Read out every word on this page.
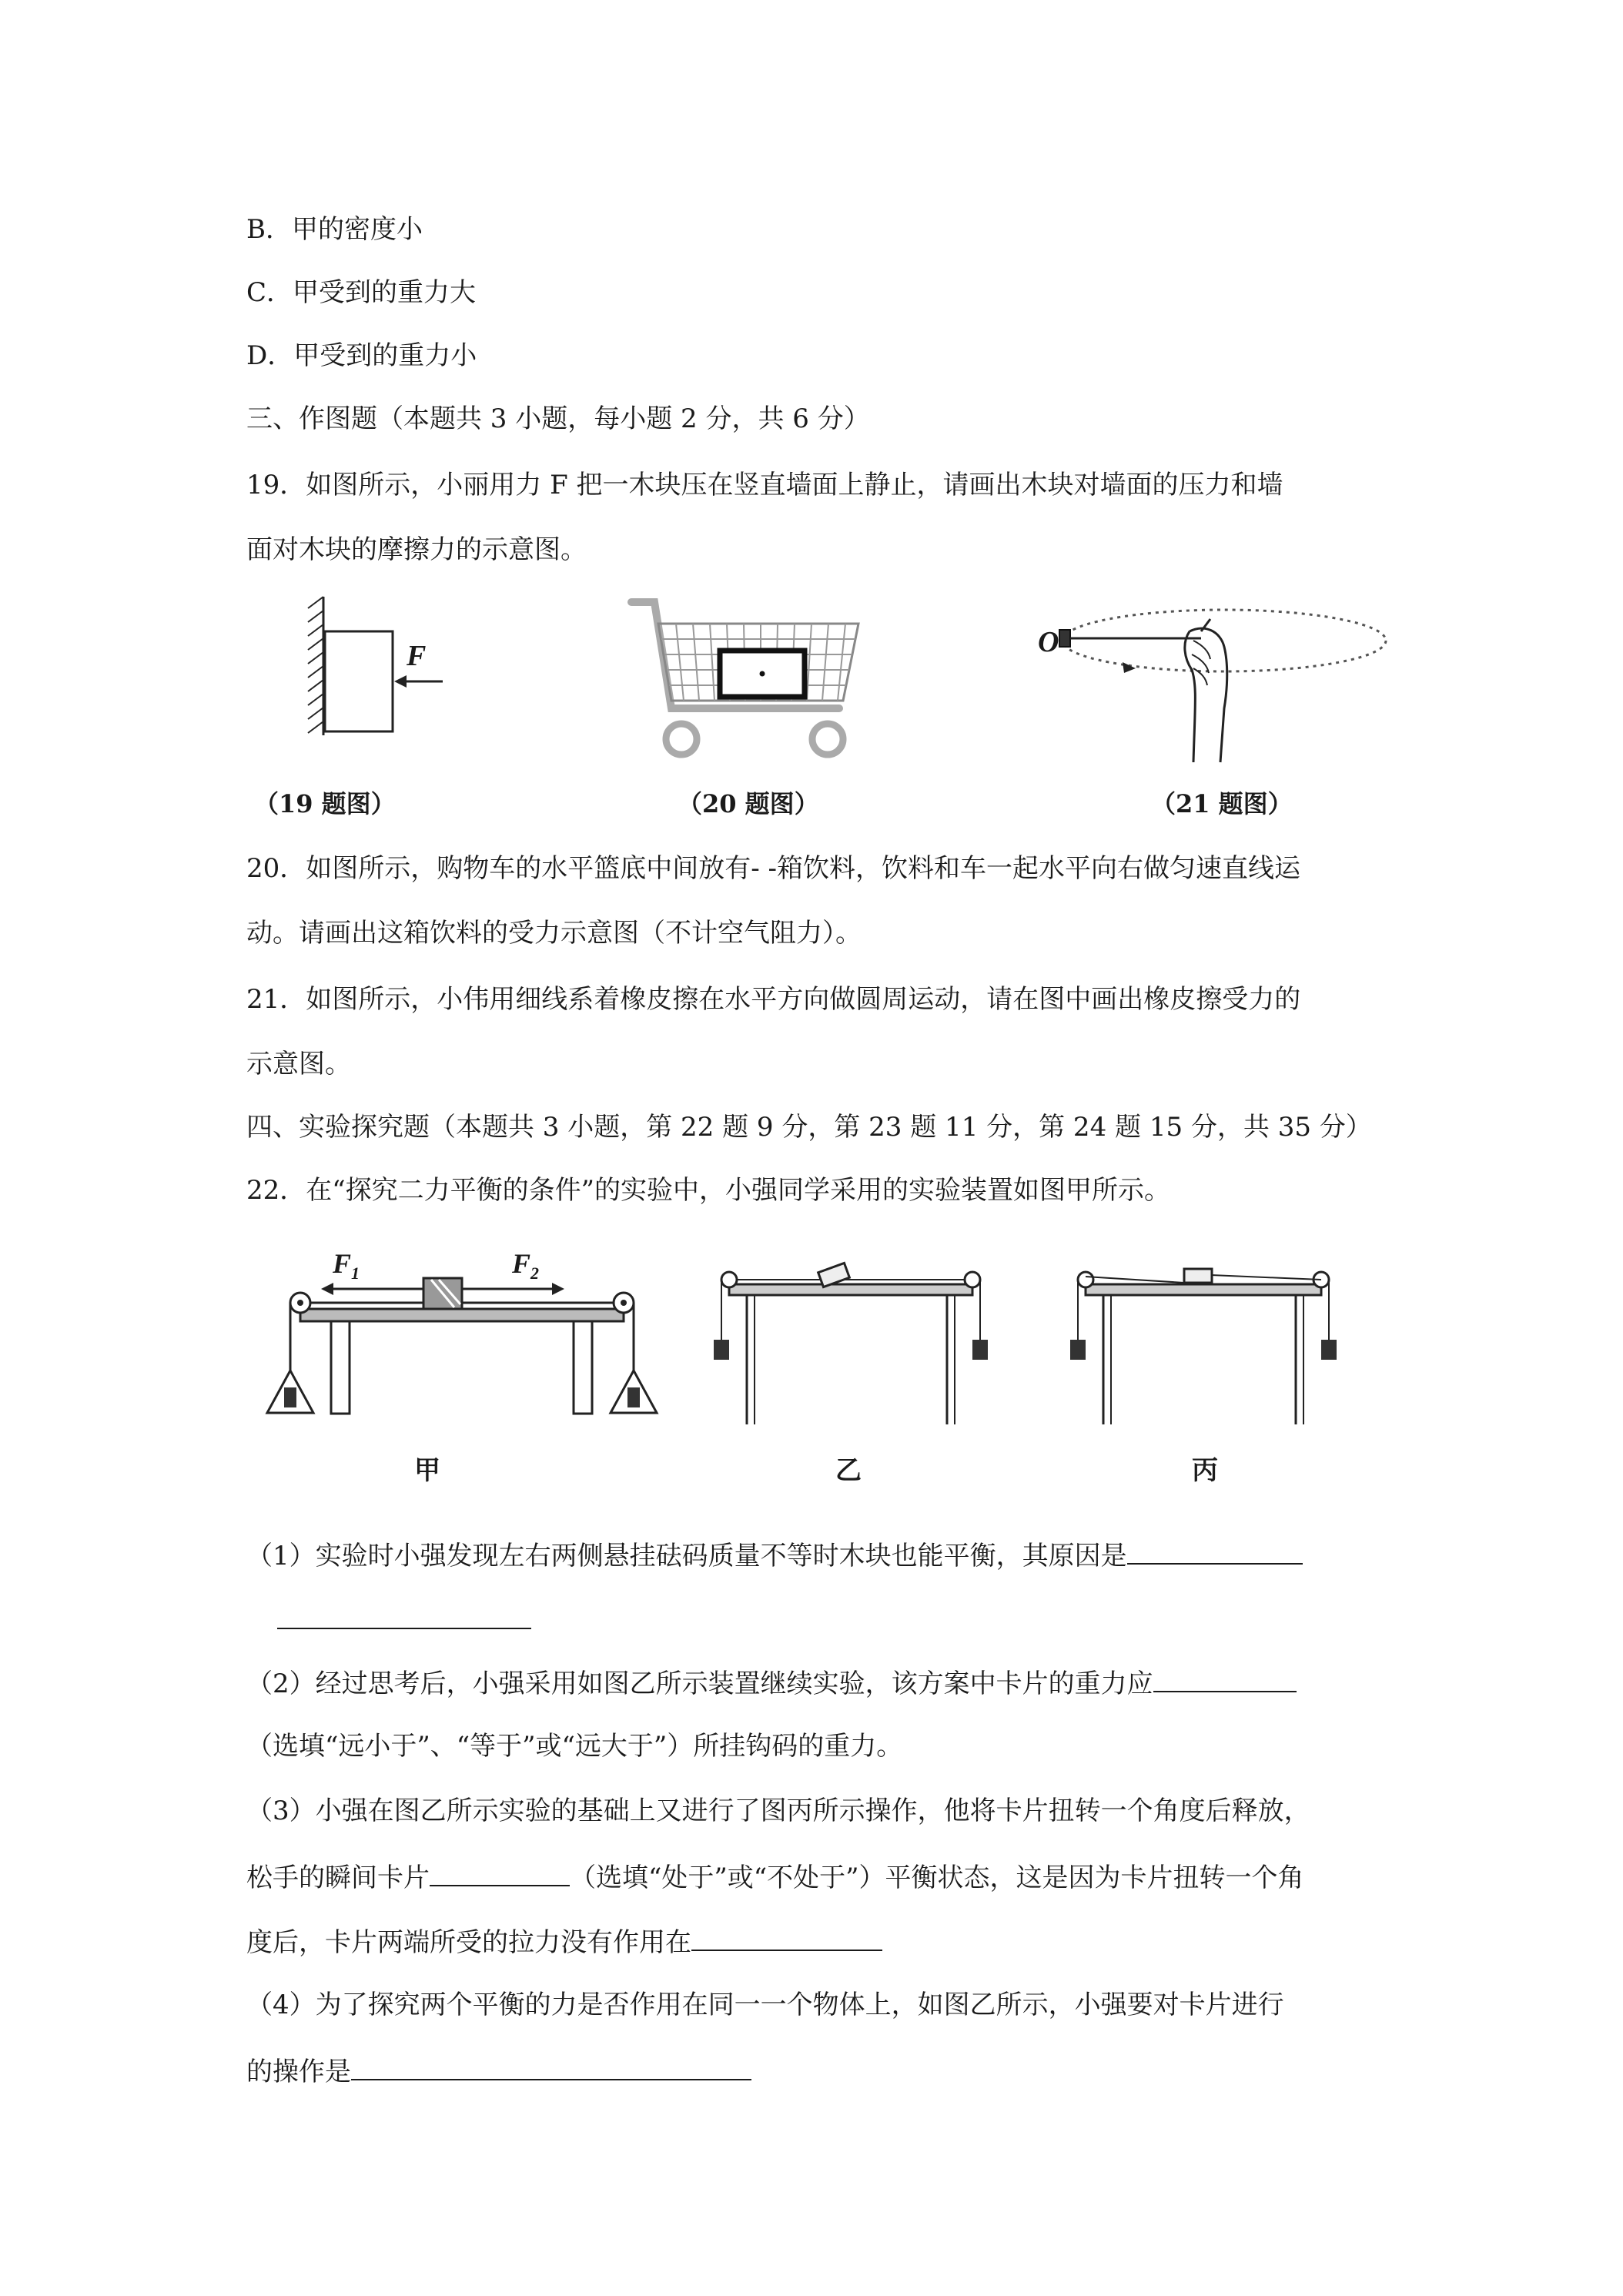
B．甲的密度小
C．甲受到的重力大
D．甲受到的重力小
三、作图题（本题共 3 小题，每小题 2 分，共 6 分）
19．如图所示，小丽用力 F 把一木块压在竖直墙面上静止，请画出木块对墙面的压力和墙
面对木块的摩擦力的示意图。
F	O
（19 题图）	（20 题图）	（21 题图）
20．如图所示，购物车的水平篮底中间放有- -箱饮料，饮料和车一起水平向右做匀速直线运
动。请画出这箱饮料的受力示意图（不计空气阻力）。
21．如图所示，小伟用细线系着橡皮擦在水平方向做圆周运动，请在图中画出橡皮擦受力的
示意图。
四、实验探究题（本题共 3 小题，第 22 题 9 分，第 23 题 11 分，第 24 题 15 分，共 35 分）
22．在“探究二力平衡的条件”的实验中，小强同学采用的实验装置如图甲所示。
$F_1$	$F_2$
甲	乙	丙
（1）实验时小强发现左右两侧悬挂砝码质量不等时木块也能平衡，其原因是
（2）经过思考后，小强采用如图乙所示装置继续实验，该方案中卡片的重力应
（选填“远小于”、“等于”或“远大于”）所挂钩码的重力。
（3）小强在图乙所示实验的基础上又进行了图丙所示操作，他将卡片扭转一个角度后释放，
松手的瞬间卡片	（选填“处于”或“不处于”）平衡状态，这是因为卡片扭转一个角
度后，卡片两端所受的拉力没有作用在
（4）为了探究两个平衡的力是否作用在同一一个物体上，如图乙所示，小强要对卡片进行
的操作是
